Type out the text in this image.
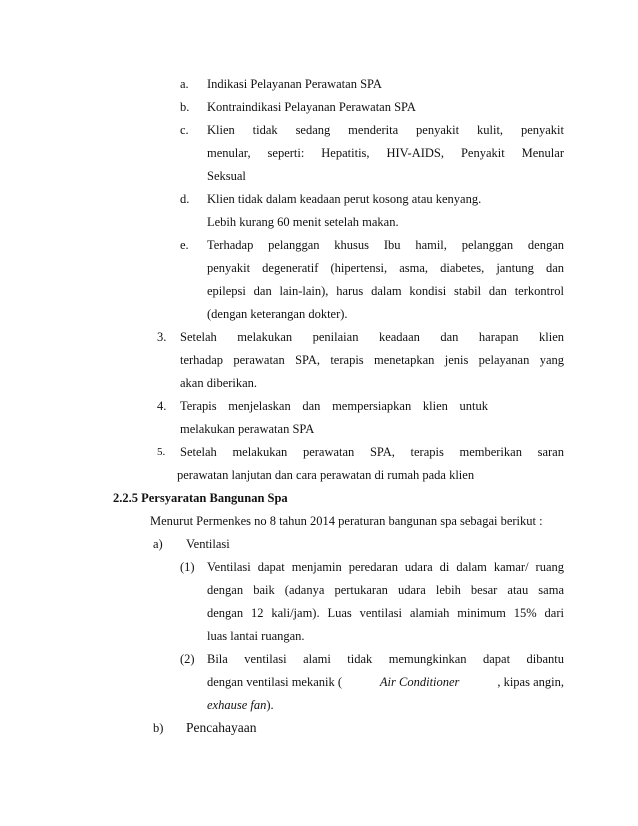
a. Indikasi Pelayanan Perawatan SPA
b. Kontraindikasi Pelayanan Perawatan SPA
c. Klien tidak sedang menderita penyakit kulit, penyakit
menular, seperti: Hepatitis, HIV-AIDS, Penyakit Menular
Seksual
d. Klien tidak dalam keadaan perut kosong atau kenyang.
Lebih kurang 60 menit setelah makan.
e. Terhadap pelanggan khusus Ibu hamil, pelanggan dengan
penyakit degeneratif (hipertensi, asma, diabetes, jantung dan
epilepsi dan lain-lain), harus dalam kondisi stabil dan terkontrol
(dengan keterangan dokter).
3. Setelah melakukan penilaian keadaan dan harapan klien
terhadap perawatan SPA, terapis menetapkan jenis pelayanan yang
akan diberikan.
4. Terapis menjelaskan dan mempersiapkan klien untuk
melakukan perawatan SPA
5. Setelah melakukan perawatan SPA, terapis memberikan saran
perawatan lanjutan dan cara perawatan di rumah pada klien
2.2.5 Persyaratan Bangunan Spa
Menurut Permenkes no 8 tahun 2014 peraturan bangunan spa sebagai berikut :
a) Ventilasi
(1) Ventilasi dapat menjamin peredaran udara di dalam kamar/ ruang
dengan baik (adanya pertukaran udara lebih besar atau sama
dengan 12 kali/jam). Luas ventilasi alamiah minimum 15% dari
luas lantai ruangan.
(2) Bila ventilasi alami tidak memungkinkan dapat dibantu
dengan ventilasi mekanik (	Air Conditioner	, kipas angin,
exhause fan).
b) Pencahayaan
